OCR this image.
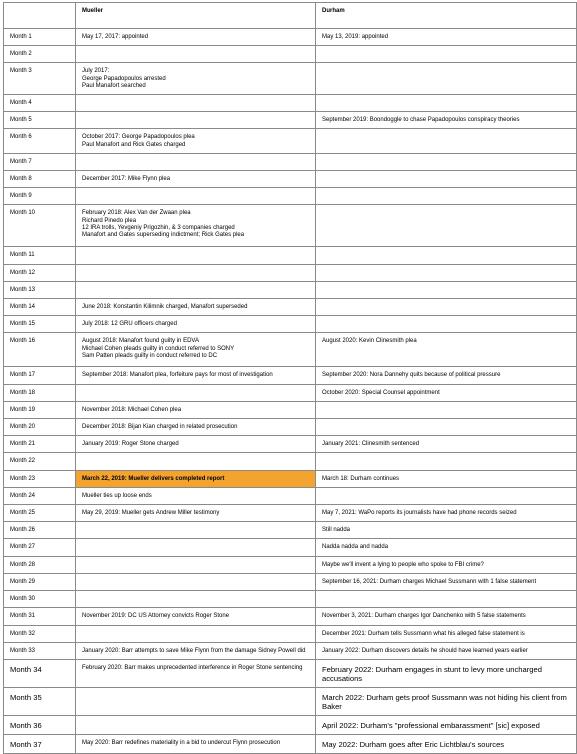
	Mueller	Durham
Month 1	May 17, 2017: appointed	May 13, 2019: appointed
Month 2		
Month 3	July 2017:
George Papadopoulos arrested
Paul Manafort searched	
Month 4		
Month 5		September 2019: Boondoggle to chase Papadopoulos conspiracy theories
Month 6	October 2017: George Papadopoulos plea
Paul Manafort and Rick Gates charged	
Month 7		
Month 8	December 2017: Mike Flynn plea	
Month 9		
Month 10	February 2018: Alex Van der Zwaan plea
Richard Pinedo plea
12 IRA trolls, Yevgeniy Prigozhin, & 3 companies charged
Manafort and Gates superseding indictment; Rick Gates plea	
Month 11		
Month 12		
Month 13		
Month 14	June 2018: Konstantin Kilimnik charged, Manafort superseded	
Month 15	July 2018: 12 GRU officers charged	
Month 16	August 2018: Manafort found guilty in EDVA
Michael Cohen pleads guilty in conduct referred to SONY
Sam Patten pleads guilty in conduct referred to DC	August 2020: Kevin Clinesmith plea
Month 17	September 2018: Manafort plea, forfeiture pays for most of investigation	September 2020: Nora Dannehy quits because of political pressure
Month 18		October 2020: Special Counsel appointment
Month 19	November 2018: Michael Cohen plea	
Month 20	December 2018: Bijan Kian charged in related prosecution	
Month 21	January 2019: Roger Stone charged	January 2021: Clinesmith sentenced
Month 22		
Month 23	March 22, 2019: Mueller delivers completed report	March 18: Durham continues
Month 24	Mueller ties up loose ends	
Month 25	May 29, 2019: Mueller gets Andrew Miller testimony	May 7, 2021: WaPo reports its journalists have had phone records seized
Month 26		Still nadda
Month 27		Nadda nadda and nadda
Month 28		Maybe we'll invent a lying to people who spoke to FBI crime?
Month 29		September 16, 2021: Durham charges Michael Sussmann with 1 false statement
Month 30		
Month 31	November 2019: DC US Attorney convicts Roger Stone	November 3, 2021: Durham charges Igor Danchenko with 5 false statements
Month 32		December 2021: Durham tells Sussmann what his alleged false statement is
Month 33	January 2020: Barr attempts to save Mike Flynn from the damage Sidney Powell did	January 2022: Durham discovers details he should have learned years earlier
Month 34	February 2020: Barr makes unprecedented interference in Roger Stone sentencing	February 2022: Durham engages in stunt to levy more uncharged accusations
Month 35		March 2022: Durham gets proof Sussmann was not hiding his client from Baker
Month 36		April 2022: Durham's "professional embarassment" [sic] exposed
Month 37	May 2020: Barr redefines materiality in a bid to undercut Flynn prosecution	May 2022: Durham goes after Eric Lichtblau's sources
